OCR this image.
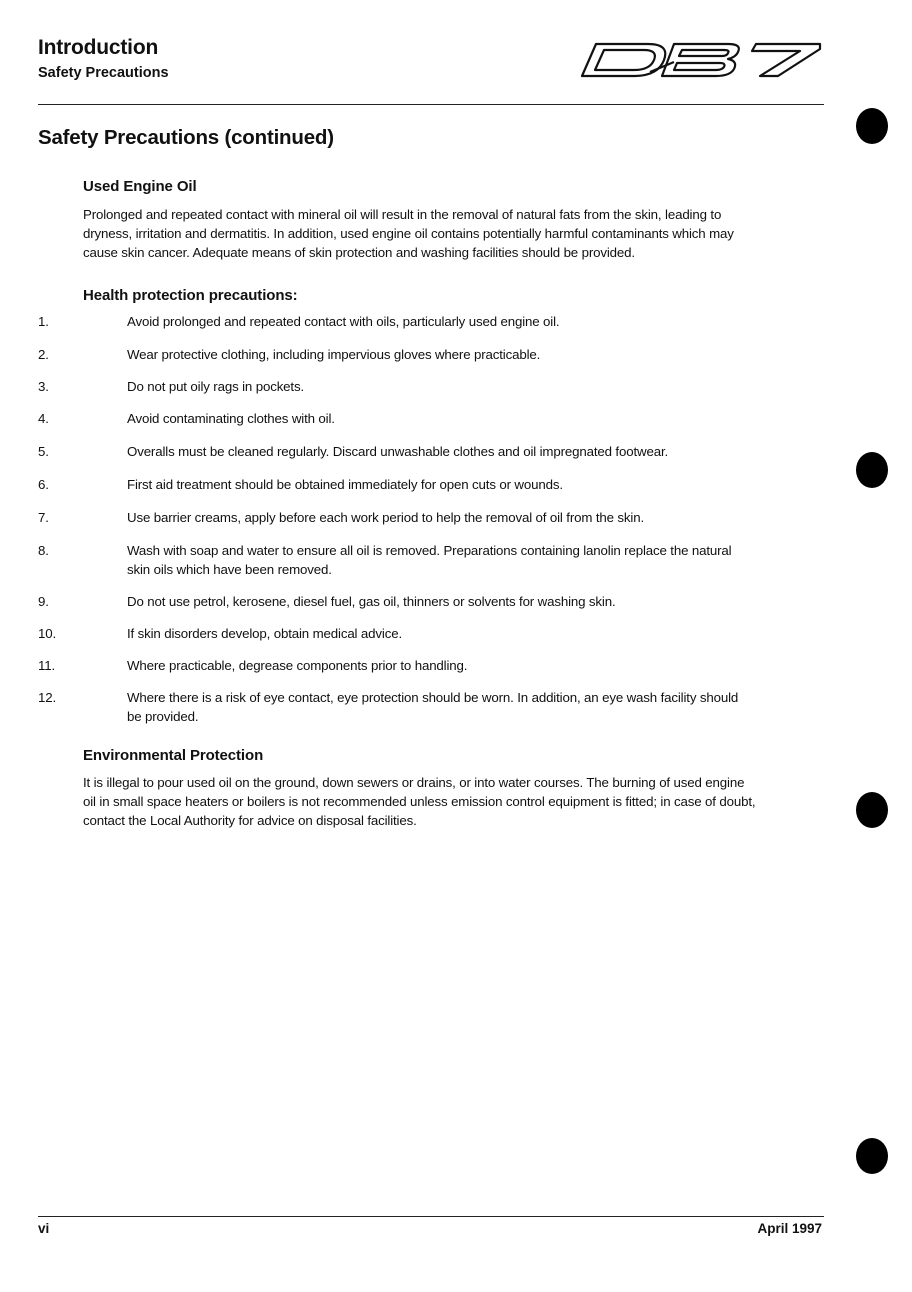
Introduction
Safety Precautions
Safety Precautions (continued)
Used Engine Oil
Prolonged and repeated contact with mineral oil will result in the removal of natural fats from the skin, leading to
dryness, irritation and dermatitis. In addition, used engine oil contains potentially harmful contaminants which may
cause skin cancer. Adequate means of skin protection and washing facilities should be provided.
Health protection precautions:
1.	Avoid prolonged and repeated contact with oils, particularly used engine oil.
2.	Wear protective clothing, including impervious gloves where practicable.
3.	Do not put oily rags in pockets.
4.	Avoid contaminating clothes with oil.
5.	Overalls must be cleaned regularly. Discard unwashable clothes and oil impregnated footwear.
6.	First aid treatment should be obtained immediately for open cuts or wounds.
7.	Use barrier creams, apply before each work period to help the removal of oil from the skin.
8.	Wash with soap and water to ensure all oil is removed. Preparations containing lanolin replace the natural
skin oils which have been removed.
9.	Do not use petrol, kerosene, diesel fuel, gas oil, thinners or solvents for washing skin.
10.	If skin disorders develop, obtain medical advice.
11.	Where practicable, degrease components prior to handling.
12.	Where there is a risk of eye contact, eye protection should be worn. In addition, an eye wash facility should
be provided.
Environmental Protection
It is illegal to pour used oil on the ground, down sewers or drains, or into water courses. The burning of used engine
oil in small space heaters or boilers is not recommended unless emission control equipment is fitted; in case of doubt,
contact the Local Authority for advice on disposal facilities.
vi	April 1997
